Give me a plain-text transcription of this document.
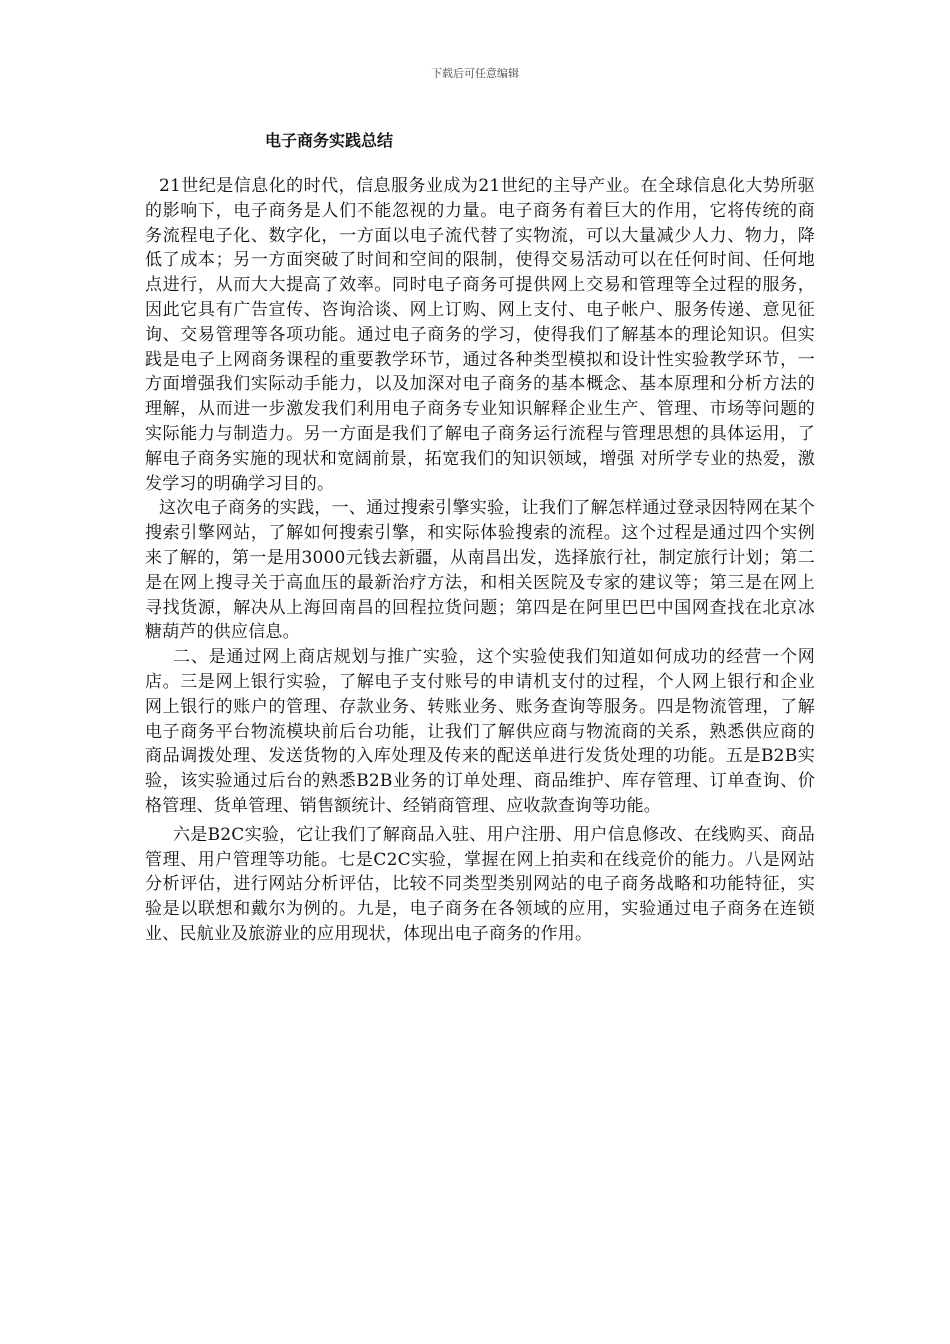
下载后可任意编辑
电子商务实践总结

21世纪是信息化的时代，信息服务业成为21世纪的主导产业。在全球信息化大势所驱的影响下，电子商务是人们不能忽视的力量。电子商务有着巨大的作用，它将传统的商务流程电子化、数字化，一方面以电子流代替了实物流，可以大量减少人力、物力，降低了成本；另一方面突破了时间和空间的限制，使得交易活动可以在任何时间、任何地点进行，从而大大提高了效率。同时电子商务可提供网上交易和管理等全过程的服务，因此它具有广告宣传、咨询洽谈、网上订购、网上支付、电子帐户、服务传递、意见征询、交易管理等各项功能。通过电子商务的学习，使得我们了解基本的理论知识。但实践是电子上网商务课程的重要教学环节，通过各种类型模拟和设计性实验教学环节，一方面增强我们实际动手能力，以及加深对电子商务的基本概念、基本原理和分析方法的理解，从而进一步激发我们利用电子商务专业知识解释企业生产、管理、市场等问题的实际能力与制造力。另一方面是我们了解电子商务运行流程与管理思想的具体运用，了解电子商务实施的现状和宽阔前景，拓宽我们的知识领域，增强 对所学专业的热爱，激发学习的明确学习目的。

这次电子商务的实践，一、通过搜索引擎实验，让我们了解怎样通过登录因特网在某个搜索引擎网站，了解如何搜索引擎，和实际体验搜索的流程。这个过程是通过四个实例来了解的，第一是用3000元钱去新疆，从南昌出发，选择旅行社，制定旅行计划；第二是在网上搜寻关于高血压的最新治疗方法，和相关医院及专家的建议等；第三是在网上寻找货源，解决从上海回南昌的回程拉货问题；第四是在阿里巴巴中国网查找在北京冰糖葫芦的供应信息。

二、是通过网上商店规划与推广实验，这个实验使我们知道如何成功的经营一个网店。三是网上银行实验，了解电子支付账号的申请机支付的过程，个人网上银行和企业网上银行的账户的管理、存款业务、转账业务、账务查询等服务。四是物流管理，了解电子商务平台物流模块前后台功能，让我们了解供应商与物流商的关系，熟悉供应商的商品调拨处理、发送货物的入库处理及传来的配送单进行发货处理的功能。五是B2B实验，该实验通过后台的熟悉B2B业务的订单处理、商品维护、库存管理、订单查询、价格管理、货单管理、销售额统计、经销商管理、应收款查询等功能。

六是B2C实验，它让我们了解商品入驻、用户注册、用户信息修改、在线购买、商品管理、用户管理等功能。七是C2C实验，掌握在网上拍卖和在线竞价的能力。八是网站分析评估，进行网站分析评估，比较不同类型类别网站的电子商务战略和功能特征，实验是以联想和戴尔为例的。九是，电子商务在各领域的应用，实验通过电子商务在连锁业、民航业及旅游业的应用现状，体现出电子商务的作用。
